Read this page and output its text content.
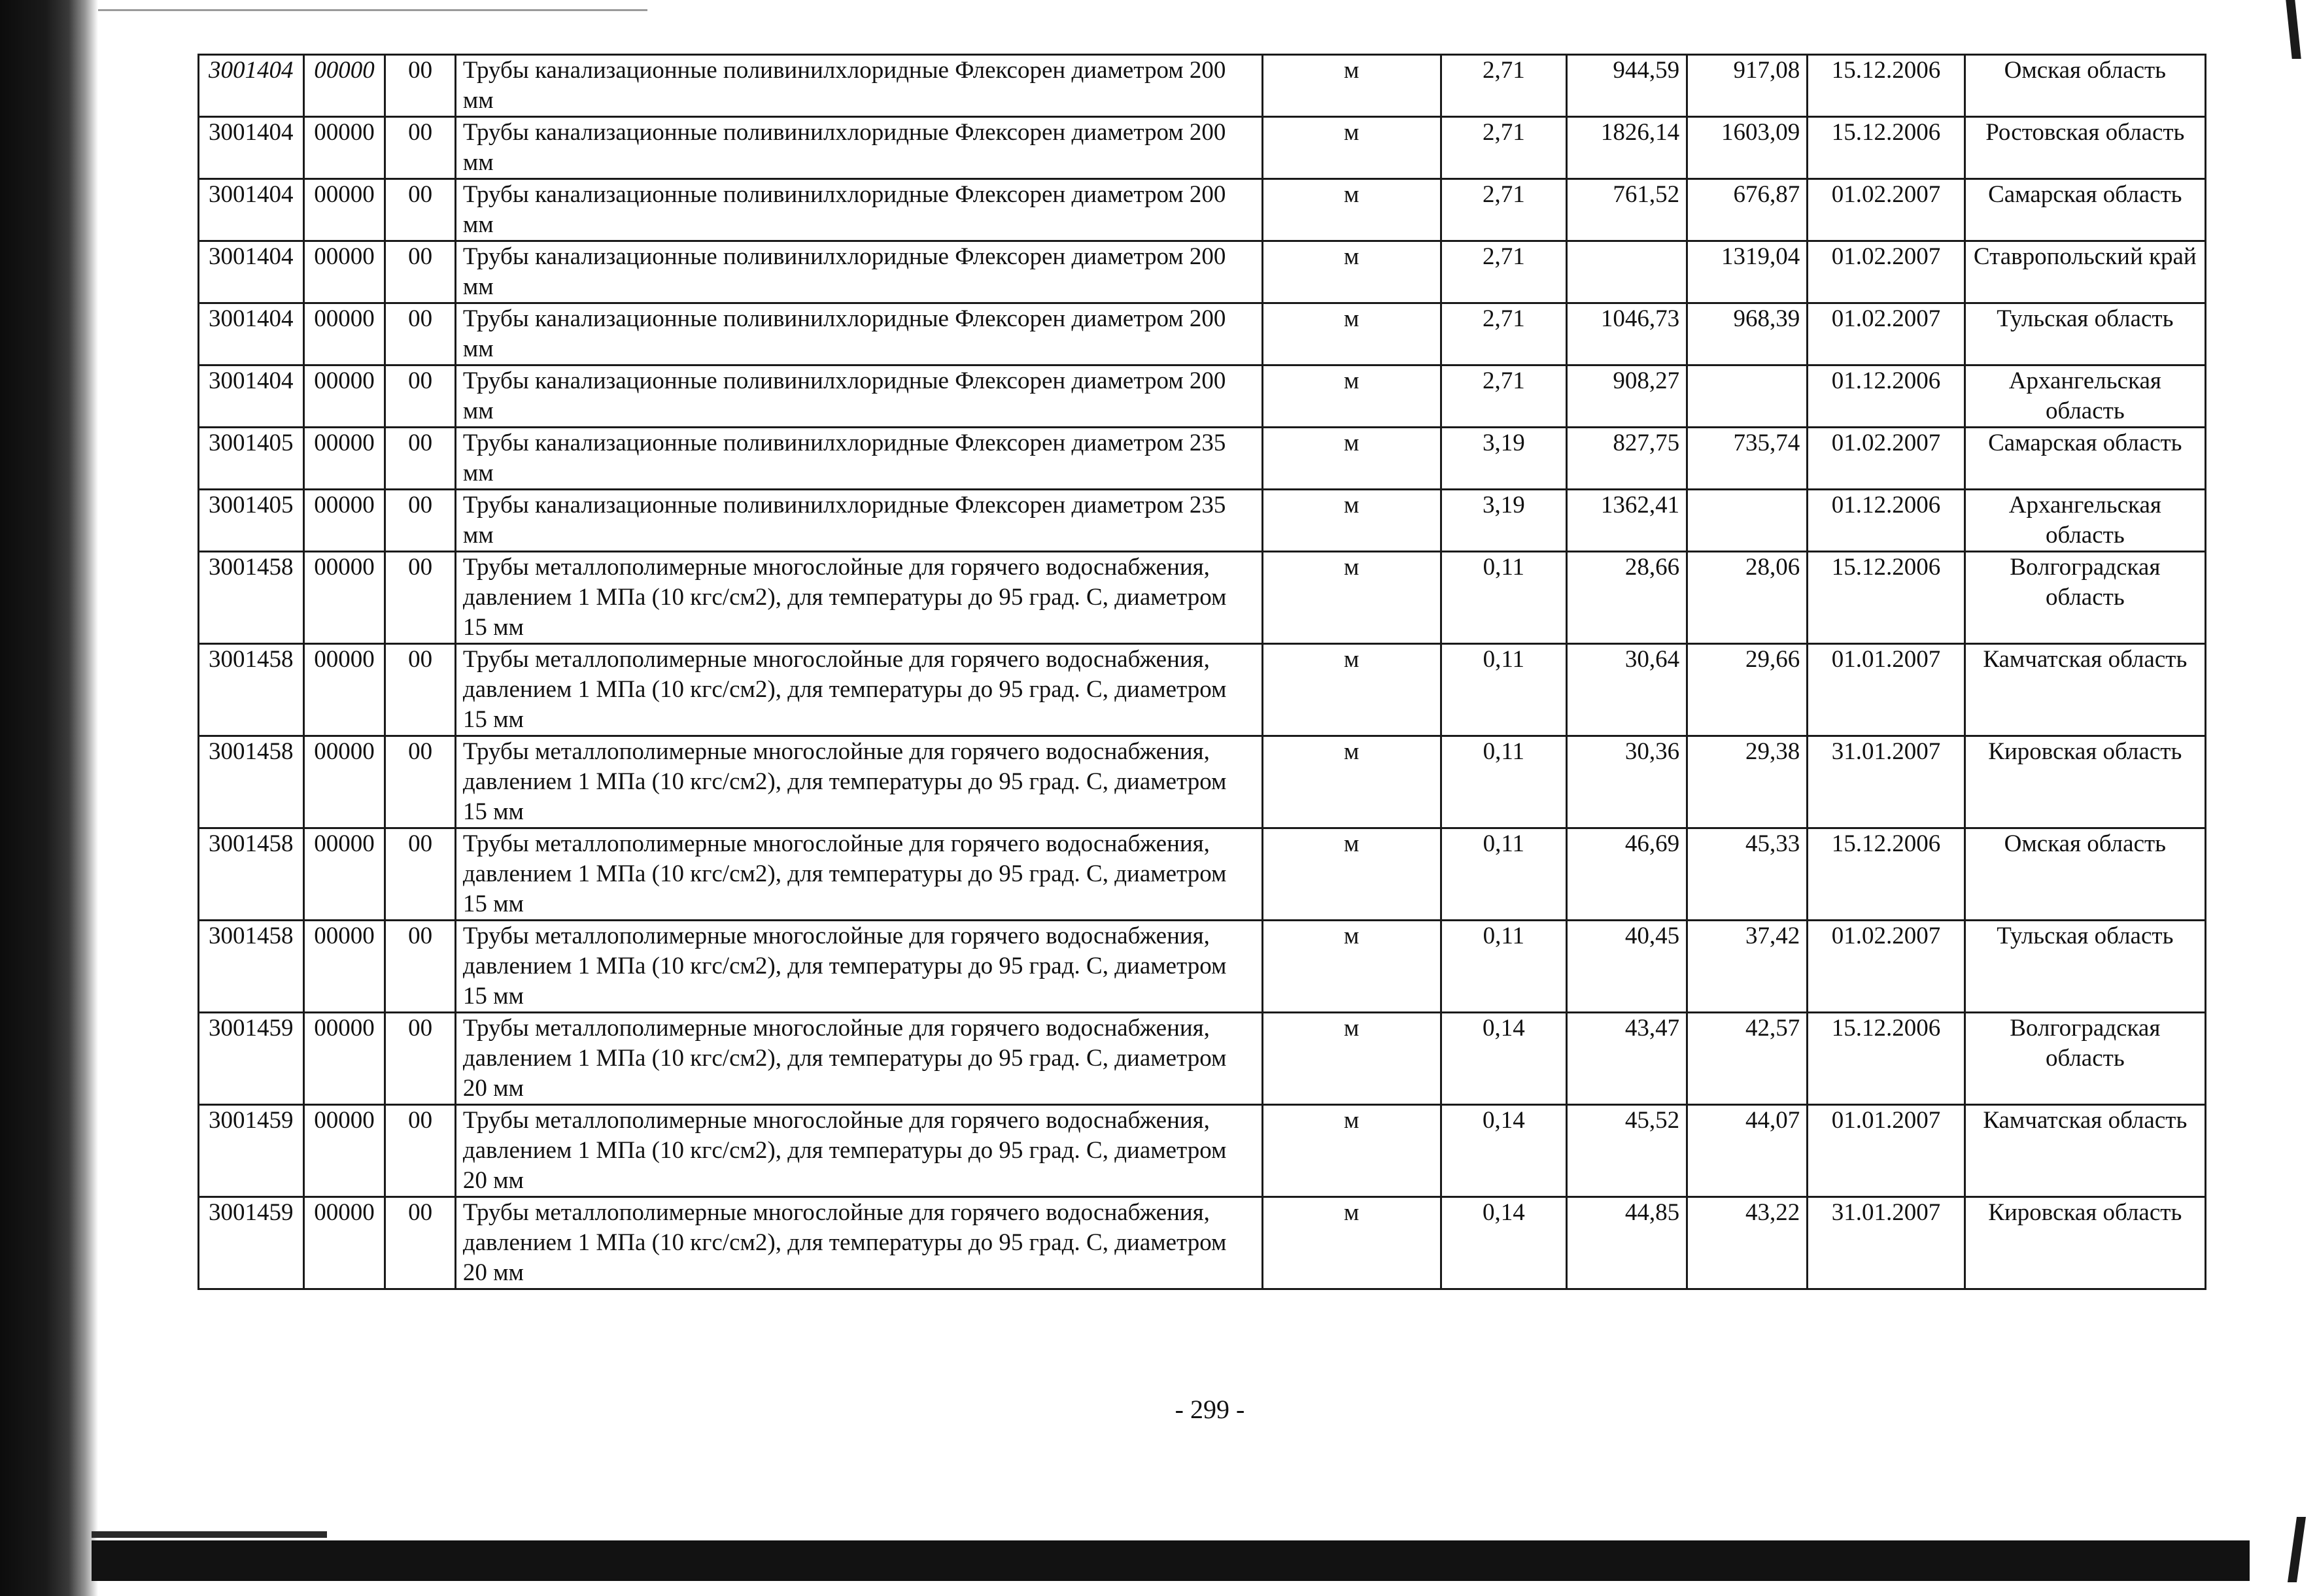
3001404	00000	00	Трубы канализационные поливинилхлоридные Флексорен диаметром 200 мм	м	2,71	944,59	917,08	15.12.2006	Омская область
3001404	00000	00	Трубы канализационные поливинилхлоридные Флексорен диаметром 200 мм	м	2,71	1826,14	1603,09	15.12.2006	Ростовская область
3001404	00000	00	Трубы канализационные поливинилхлоридные Флексорен диаметром 200 мм	м	2,71	761,52	676,87	01.02.2007	Самарская область
3001404	00000	00	Трубы канализационные поливинилхлоридные Флексорен диаметром 200 мм	м	2,71		1319,04	01.02.2007	Ставропольский край
3001404	00000	00	Трубы канализационные поливинилхлоридные Флексорен диаметром 200 мм	м	2,71	1046,73	968,39	01.02.2007	Тульская область
3001404	00000	00	Трубы канализационные поливинилхлоридные Флексорен диаметром 200 мм	м	2,71	908,27		01.12.2006	Архангельская область
3001405	00000	00	Трубы канализационные поливинилхлоридные Флексорен диаметром 235 мм	м	3,19	827,75	735,74	01.02.2007	Самарская область
3001405	00000	00	Трубы канализационные поливинилхлоридные Флексорен диаметром 235 мм	м	3,19	1362,41		01.12.2006	Архангельская область
3001458	00000	00	Трубы металлополимерные многослойные для горячего водоснабжения, давлением 1 МПа (10 кгс/см2), для температуры до 95 град. С, диаметром 15 мм	м	0,11	28,66	28,06	15.12.2006	Волгоградская область
3001458	00000	00	Трубы металлополимерные многослойные для горячего водоснабжения, давлением 1 МПа (10 кгс/см2), для температуры до 95 град. С, диаметром 15 мм	м	0,11	30,64	29,66	01.01.2007	Камчатская область
3001458	00000	00	Трубы металлополимерные многослойные для горячего водоснабжения, давлением 1 МПа (10 кгс/см2), для температуры до 95 град. С, диаметром 15 мм	м	0,11	30,36	29,38	31.01.2007	Кировская область
3001458	00000	00	Трубы металлополимерные многослойные для горячего водоснабжения, давлением 1 МПа (10 кгс/см2), для температуры до 95 град. С, диаметром 15 мм	м	0,11	46,69	45,33	15.12.2006	Омская область
3001458	00000	00	Трубы металлополимерные многослойные для горячего водоснабжения, давлением 1 МПа (10 кгс/см2), для температуры до 95 град. С, диаметром 15 мм	м	0,11	40,45	37,42	01.02.2007	Тульская область
3001459	00000	00	Трубы металлополимерные многослойные для горячего водоснабжения, давлением 1 МПа (10 кгс/см2), для температуры до 95 град. С, диаметром 20 мм	м	0,14	43,47	42,57	15.12.2006	Волгоградская область
3001459	00000	00	Трубы металлополимерные многослойные для горячего водоснабжения, давлением 1 МПа (10 кгс/см2), для температуры до 95 град. С, диаметром 20 мм	м	0,14	45,52	44,07	01.01.2007	Камчатская область
3001459	00000	00	Трубы металлополимерные многослойные для горячего водоснабжения, давлением 1 МПа (10 кгс/см2), для температуры до 95 град. С, диаметром 20 мм	м	0,14	44,85	43,22	31.01.2007	Кировская область
- 299 -
